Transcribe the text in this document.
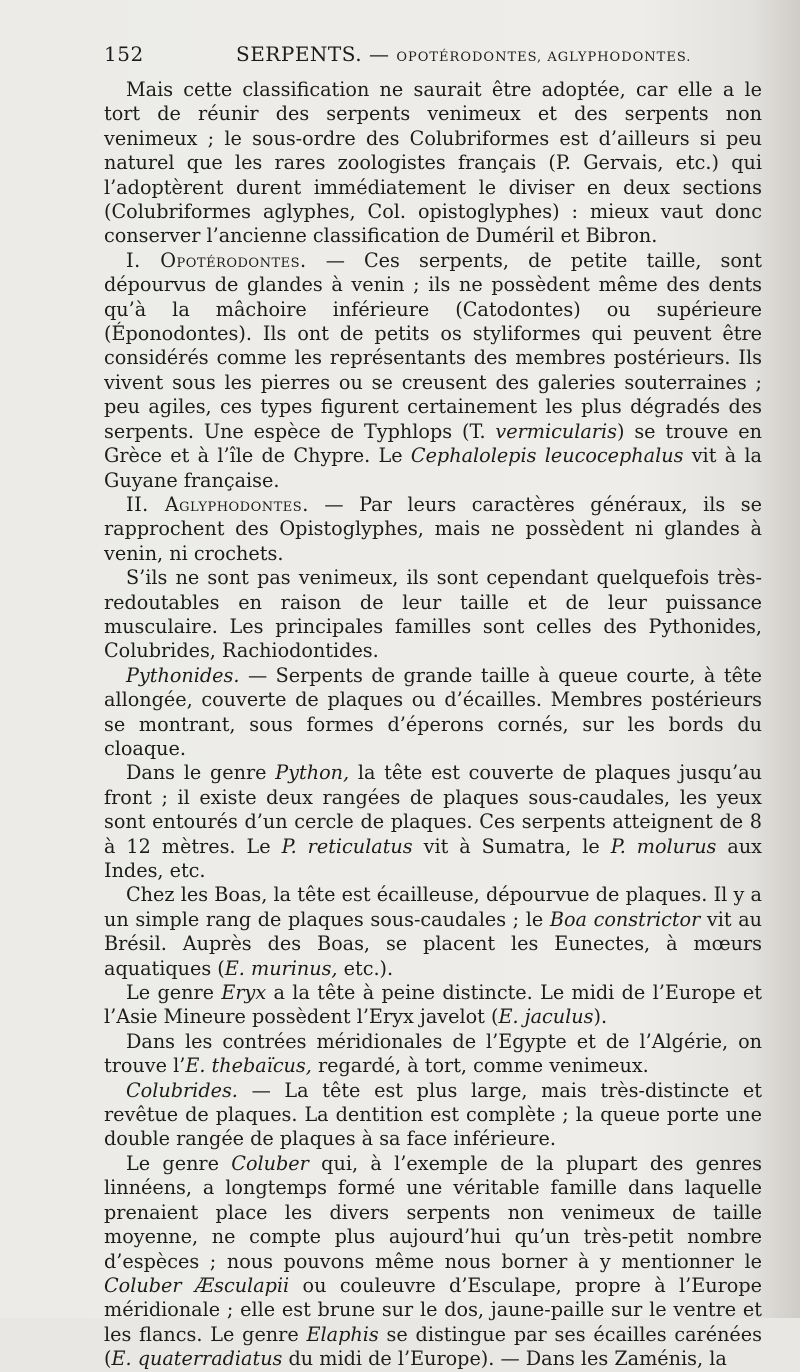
152	SERPENTS. — OPOTÉRODONTES, AGLYPHODONTES.

Mais cette classification ne saurait être adoptée, car elle a le tort de réunir des serpents venimeux et des serpents non venimeux ; le sous-ordre des Colubriformes est d’ailleurs si peu naturel que les rares zoologistes français (P. Gervais, etc.) qui l’adoptèrent durent immédiatement le diviser en deux sections (Colubriformes aglyphes, Col. opistoglyphes) : mieux vaut donc conserver l’ancienne classification de Duméril et Bibron.

I. Opotérodontes. — Ces serpents, de petite taille, sont dépourvus de glandes à venin ; ils ne possèdent même des dents qu’à la mâchoire inférieure (Catodontes) ou supérieure (Éponodontes). Ils ont de petits os styliformes qui peuvent être considérés comme les représentants des membres postérieurs. Ils vivent sous les pierres ou se creusent des galeries souterraines ; peu agiles, ces types figurent certainement les plus dégradés des serpents. Une espèce de Typhlops (T. vermicularis) se trouve en Grèce et à l’île de Chypre. Le Cephalolepis leucocephalus vit à la Guyane française.

II. Aglyphodontes. — Par leurs caractères généraux, ils se rapprochent des Opistoglyphes, mais ne possèdent ni glandes à venin, ni crochets.

S’ils ne sont pas venimeux, ils sont cependant quelquefois très-redoutables en raison de leur taille et de leur puissance musculaire. Les principales familles sont celles des Pythonides, Colubrides, Rachiodontides.

Pythonides. — Serpents de grande taille à queue courte, à tête allongée, couverte de plaques ou d’écailles. Membres postérieurs se montrant, sous formes d’éperons cornés, sur les bords du cloaque.

Dans le genre Python, la tête est couverte de plaques jusqu’au front ; il existe deux rangées de plaques sous-caudales, les yeux sont entourés d’un cercle de plaques. Ces serpents atteignent de 8 à 12 mètres. Le P. reticulatus vit à Sumatra, le P. molurus aux Indes, etc.

Chez les Boas, la tête est écailleuse, dépourvue de plaques. Il y a un simple rang de plaques sous-caudales ; le Boa constrictor vit au Brésil. Auprès des Boas, se placent les Eunectes, à mœurs aquatiques (E. murinus, etc.).

Le genre Eryx a la tête à peine distincte. Le midi de l’Europe et l’Asie Mineure possèdent l’Eryx javelot (E. jaculus).

Dans les contrées méridionales de l’Egypte et de l’Algérie, on trouve l’E. thebaïcus, regardé, à tort, comme venimeux.

Colubrides. — La tête est plus large, mais très-distincte et revêtue de plaques. La dentition est complète ; la queue porte une double rangée de plaques à sa face inférieure.

Le genre Coluber qui, à l’exemple de la plupart des genres linnéens, a longtemps formé une véritable famille dans laquelle prenaient place les divers serpents non venimeux de taille moyenne, ne compte plus aujourd’hui qu’un très-petit nombre d’espèces ; nous pouvons même nous borner à y mentionner le Coluber Æsculapii ou couleuvre d’Esculape, propre à l’Europe méridionale ; elle est brune sur le dos, jaune-paille sur le ventre et les flancs. Le genre Elaphis se distingue par ses écailles carénées (E. quaterradiatus du midi de l’Europe). — Dans les Zaménis, la
